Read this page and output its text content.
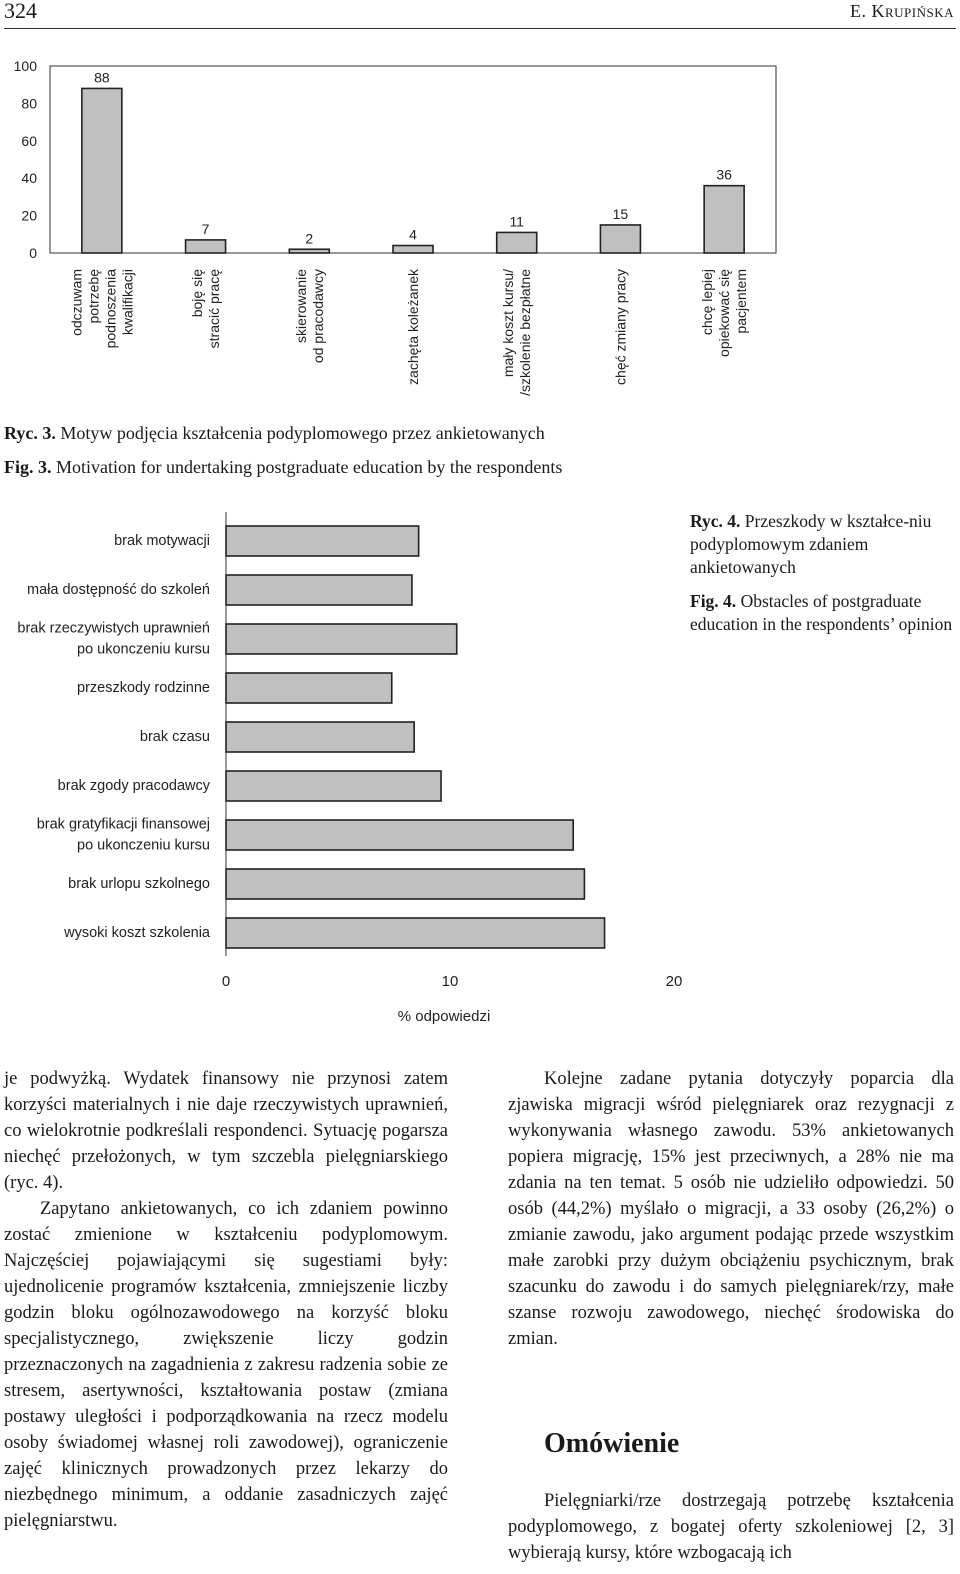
324	E. Krupińska
0
20
40
60
80
100
88
odczuwam potrzebę podnoszenia kwalifikacji
7
boję się stracić pracę
2
skierowanie od pracodawcy
4
zachęta koleżanek
11
mały koszt kursu/ /szkolenie bezpłatne
15
chęć zmiany pracy
36
chcę lepiej opiekować się pacjentem
Ryc. 3. Motyw podjęcia kształcenia podyplomowego przez ankietowanych
Fig. 3. Motivation for undertaking postgraduate education by the respondents
brak motywacji
mała dostępność do szkoleń
brak rzeczywistych uprawnień
po ukonczeniu kursu
przeszkody rodzinne
brak czasu
brak zgody pracodawcy
brak gratyfikacji finansowej
po ukonczeniu kursu
brak urlopu szkolnego
wysoki koszt szkolenia
0	10	20
% odpowiedzi
Ryc. 4. Przeszkody w kształce-niu podyplomowym zdaniem ankietowanych
Fig. 4. Obstacles of postgraduate education in the respondents’ opinion

je podwyżką. Wydatek finansowy nie przynosi zatem korzyści materialnych i nie daje rzeczywistych uprawnień, co wielokrotnie podkreślali respondenci. Sytuację pogarsza niechęć przełożonych, w tym szczebla pielęgniarskiego (ryc. 4).

Zapytano ankietowanych, co ich zdaniem powinno zostać zmienione w kształceniu podyplomowym. Najczęściej pojawiającymi się sugestiami były: ujednolicenie programów kształcenia, zmniejszenie liczby godzin bloku ogólnozawodowego na korzyść bloku specjalistycznego, zwiększenie liczy godzin przeznaczonych na zagadnienia z zakresu radzenia sobie ze stresem, asertywności, kształtowania postaw (zmiana postawy uległości i podporządkowania na rzecz modelu osoby świadomej własnej roli zawodowej), ograniczenie zajęć klinicznych prowadzonych przez lekarzy do niezbędnego minimum, a oddanie zasadniczych zajęć pielęgniarstwu.

Kolejne zadane pytania dotyczyły poparcia dla zjawiska migracji wśród pielęgniarek oraz rezygnacji z wykonywania własnego zawodu. 53% ankietowanych popiera migrację, 15% jest przeciwnych, a 28% nie ma zdania na ten temat. 5 osób nie udzieliło odpowiedzi. 50 osób (44,2%) myślało o migracji, a 33 osoby (26,2%) o zmianie zawodu, jako argument podając przede wszystkim małe zarobki przy dużym obciążeniu psychicznym, brak szacunku do zawodu i do samych pielęgniarek/rzy, małe szanse rozwoju zawodowego, niechęć środowiska do zmian.

Omówienie

Pielęgniarki/rze dostrzegają potrzebę kształcenia podyplomowego, z bogatej oferty szkoleniowej [2, 3] wybierają kursy, które wzbogacają ich
